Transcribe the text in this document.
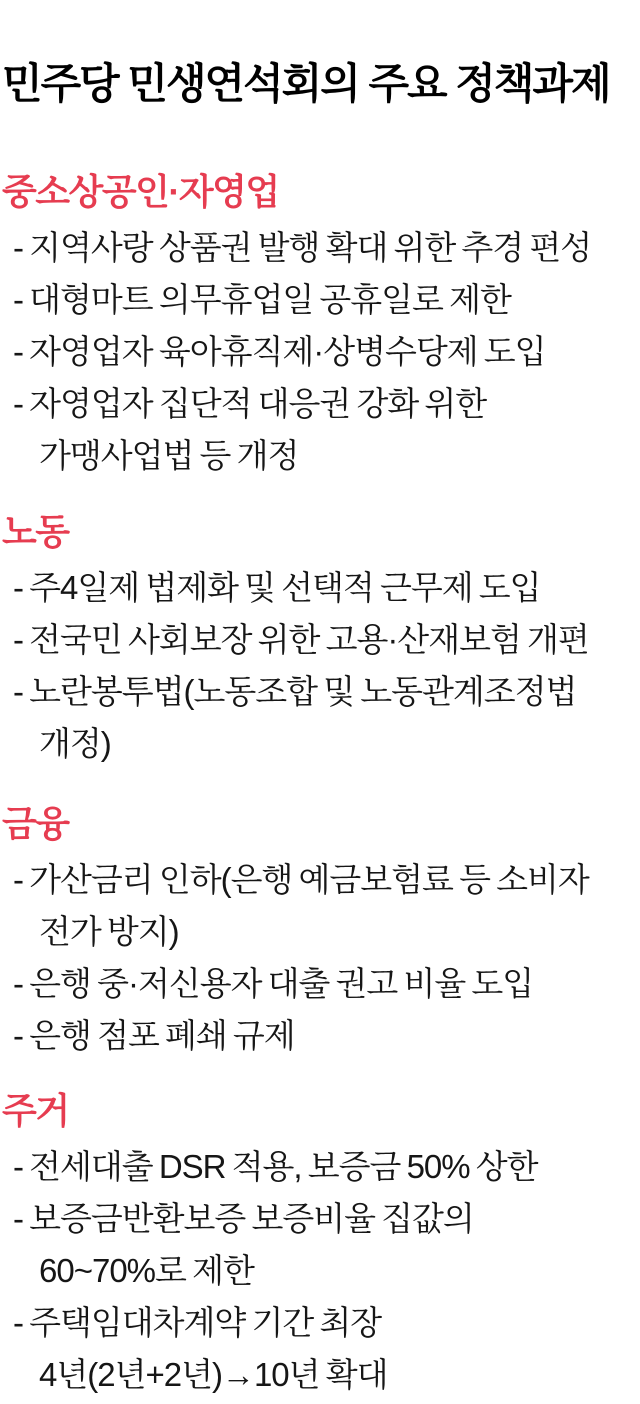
민주당 민생연석회의 주요 정책과제
중소상공인·자영업
- 지역사랑 상품권 발행 확대 위한 추경 편성
- 대형마트 의무휴업일 공휴일로 제한
- 자영업자 육아휴직제·상병수당제 도입
- 자영업자 집단적 대응권 강화 위한
가맹사업법 등 개정
노동
- 주4일제 법제화 및 선택적 근무제 도입
- 전국민 사회보장 위한 고용·산재보험 개편
- 노란봉투법(노동조합 및 노동관계조정법
개정)
금융
- 가산금리 인하(은행 예금보험료 등 소비자
전가 방지)
- 은행 중·저신용자 대출 권고 비율 도입
- 은행 점포 폐쇄 규제
주거
- 전세대출 DSR 적용, 보증금 50% 상한
- 보증금반환보증 보증비율 집값의
60~70%로 제한
- 주택임대차계약 기간 최장
4년(2년+2년)→10년 확대
